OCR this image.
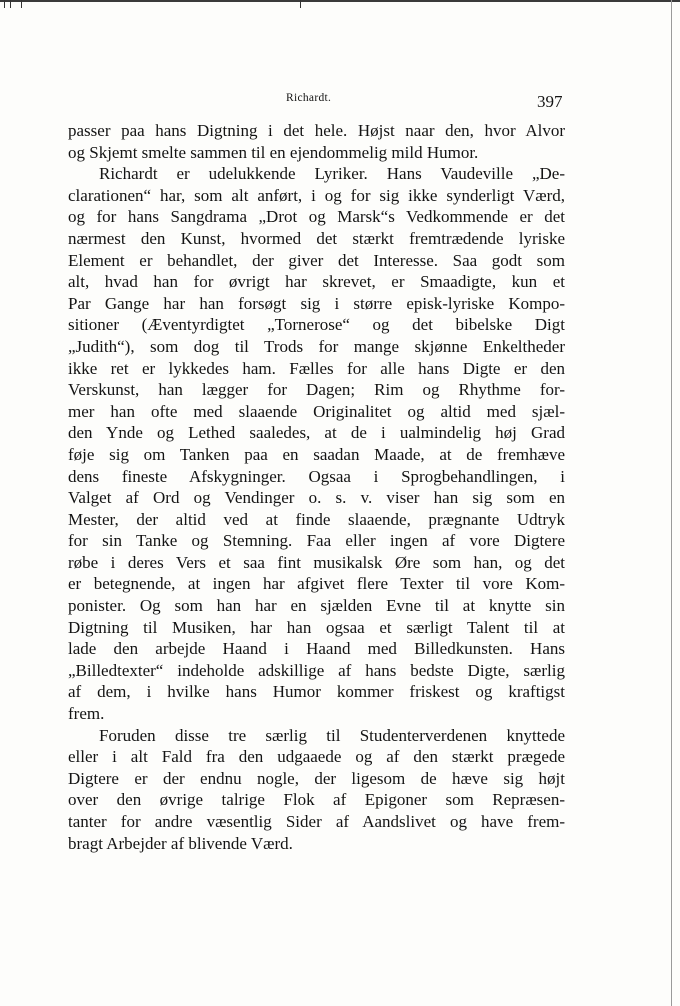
Richardt.	397
passer paa hans Digtning i det hele. Højst naar den, hvor Alvor
og Skjemt smelte sammen til en ejendommelig mild Humor.
Richardt er udelukkende Lyriker. Hans Vaudeville „De-
clarationen“ har, som alt anført, i og for sig ikke synderligt Værd,
og for hans Sangdrama „Drot og Marsk“s Vedkommende er det
nærmest den Kunst, hvormed det stærkt fremtrædende lyriske
Element er behandlet, der giver det Interesse. Saa godt som
alt, hvad han for øvrigt har skrevet, er Smaadigte, kun et
Par Gange har han forsøgt sig i større episk-lyriske Kompo-
sitioner (Æventyrdigtet „Tornerose“ og det bibelske Digt
„Judith“), som dog til Trods for mange skjønne Enkeltheder
ikke ret er lykkedes ham. Fælles for alle hans Digte er den
Verskunst, han lægger for Dagen; Rim og Rhythme for-
mer han ofte med slaaende Originalitet og altid med sjæl-
den Ynde og Lethed saaledes, at de i ualmindelig høj Grad
føje sig om Tanken paa en saadan Maade, at de fremhæve
dens fineste Afskygninger. Ogsaa i Sprogbehandlingen, i
Valget af Ord og Vendinger o. s. v. viser han sig som en
Mester, der altid ved at finde slaaende, prægnante Udtryk
for sin Tanke og Stemning. Faa eller ingen af vore Digtere
røbe i deres Vers et saa fint musikalsk Øre som han, og det
er betegnende, at ingen har afgivet flere Texter til vore Kom-
ponister. Og som han har en sjælden Evne til at knytte sin
Digtning til Musiken, har han ogsaa et særligt Talent til at
lade den arbejde Haand i Haand med Billedkunsten. Hans
„Billedtexter“ indeholde adskillige af hans bedste Digte, særlig
af dem, i hvilke hans Humor kommer friskest og kraftigst
frem.
Foruden disse tre særlig til Studenterverdenen knyttede
eller i alt Fald fra den udgaaede og af den stærkt prægede
Digtere er der endnu nogle, der ligesom de hæve sig højt
over den øvrige talrige Flok af Epigoner som Repræsen-
tanter for andre væsentlig Sider af Aandslivet og have frem-
bragt Arbejder af blivende Værd.
